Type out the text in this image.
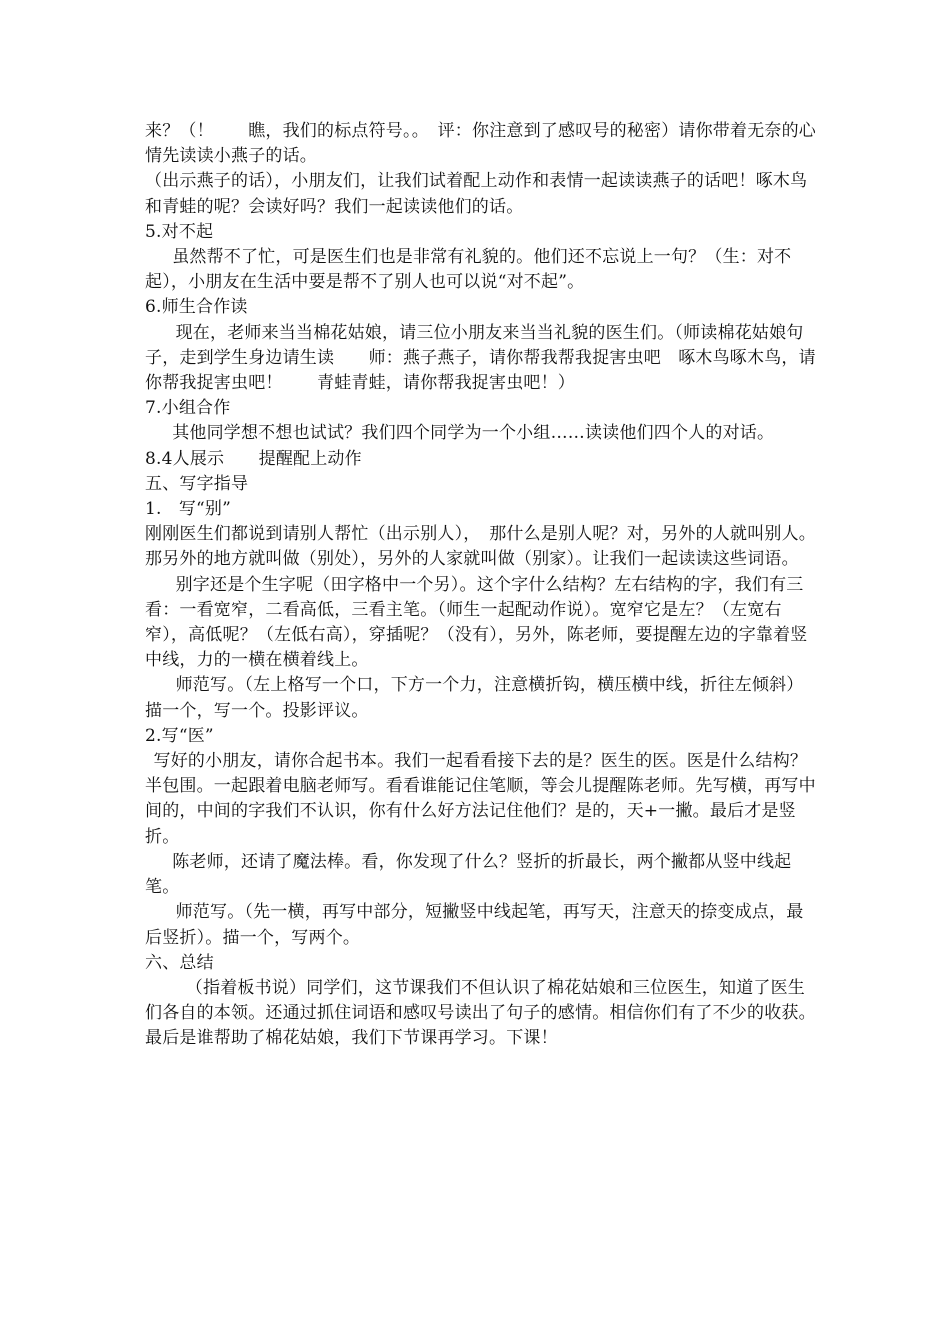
来？（！　　瞧，我们的标点符号。。　评：你注意到了感叹号的秘密）请你带着无奈的心情先读读小燕子的话。

（出示燕子的话），小朋友们，让我们试着配上动作和表情一起读读燕子的话吧！啄木鸟和青蛙的呢？会读好吗？我们一起读读他们的话。

5.对不起

虽然帮不了忙，可是医生们也是非常有礼貌的。他们还不忘说上一句？（生：对不起），小朋友在生活中要是帮不了别人也可以说“对不起”。

6.师生合作读

现在，老师来当当棉花姑娘，请三位小朋友来当当礼貌的医生们。（师读棉花姑娘句子，走到学生身边请生读　　师：燕子燕子，请你帮我帮我捉害虫吧　啄木鸟啄木鸟，请你帮我捉害虫吧！　　青蛙青蛙，请你帮我捉害虫吧！）

7.小组合作

其他同学想不想也试试？我们四个同学为一个小组……读读他们四个人的对话。

8.4人展示　　提醒配上动作

五、写字指导

1.　写“别”

刚刚医生们都说到请别人帮忙（出示别人），　那什么是别人呢？对，另外的人就叫别人。那另外的地方就叫做（别处），另外的人家就叫做（别家）。让我们一起读读这些词语。

别字还是个生字呢（田字格中一个另）。这个字什么结构？左右结构的字，我们有三看：一看宽窄，二看高低，三看主笔。（师生一起配动作说）。宽窄它是左？（左宽右窄），高低呢？（左低右高），穿插呢？（没有），另外，陈老师，要提醒左边的字靠着竖中线，力的一横在横着线上。

师范写。（左上格写一个口，下方一个力，注意横折钩，横压横中线，折往左倾斜）描一个，写一个。投影评议。

2.写“医”

写好的小朋友，请你合起书本。我们一起看看接下去的是？医生的医。医是什么结构？半包围。一起跟着电脑老师写。看看谁能记住笔顺，等会儿提醒陈老师。先写横，再写中间的，中间的字我们不认识，你有什么好方法记住他们？是的，天+一撇。最后才是竖折。

陈老师，还请了魔法棒。看，你发现了什么？竖折的折最长，两个撇都从竖中线起笔。

师范写。（先一横，再写中部分，短撇竖中线起笔，再写天，注意天的捺变成点，最后竖折）。描一个，写两个。

六、总结

（指着板书说）同学们，这节课我们不但认识了棉花姑娘和三位医生，知道了医生们各自的本领。还通过抓住词语和感叹号读出了句子的感情。相信你们有了不少的收获。最后是谁帮助了棉花姑娘，我们下节课再学习。下课！
